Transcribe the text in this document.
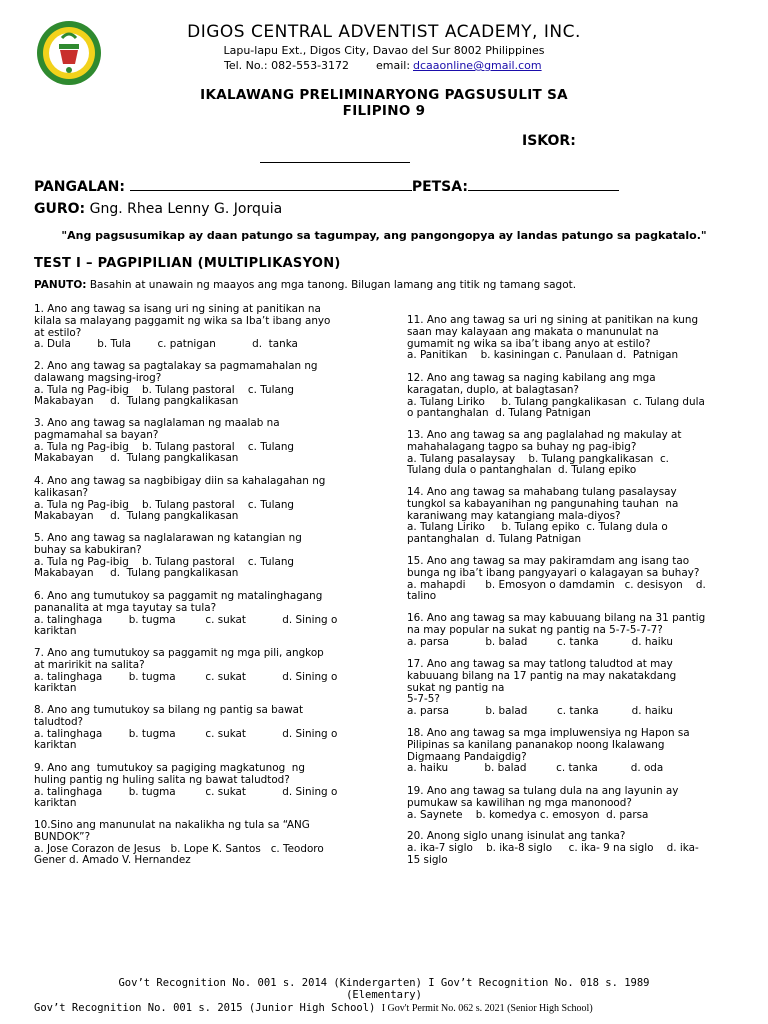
DIGOS CENTRAL ADVENTIST ACADEMY, INC.
Lapu-lapu Ext., Digos City, Davao del Sur 8002 Philippines
Tel. No.: 082-553-3172 email: dcaaonline@gmail.com
IKALAWANG PRELIMINARYONG PAGSUSULIT SA
FILIPINO 9
ISKOR:
PANGALAN:	PETSA:
GURO: Gng. Rhea Lenny G. Jorquia
"Ang pagsusumikap ay daan patungo sa tagumpay, ang pangongopya ay landas patungo sa pagkatalo."
TEST I – PAGPIPILIAN (MULTIPLIKASYON)
PANUTO: Basahin at unawain ng maayos ang mga tanong. Bilugan lamang ang titik ng tamang sagot.
1. Ano ang tawag sa isang uri ng sining at panitikan na
kilala sa malayang paggamit ng wika sa Iba’t ibang anyo
at estilo?
a. Dula        b. Tula        c. patnigan           d.  tanka
2. Ano ang tawag sa pagtalakay sa pagmamahalan ng
dalawang magsing-irog?
a. Tula ng Pag-ibig    b. Tulang pastoral    c. Tulang
Makabayan     d.  Tulang pangkalikasan
3. Ano ang tawag sa naglalaman ng maalab na
pagmamahal sa bayan?
a. Tula ng Pag-ibig    b. Tulang pastoral    c. Tulang
Makabayan     d.  Tulang pangkalikasan
4. Ano ang tawag sa nagbibigay diin sa kahalagahan ng
kalikasan?
a. Tula ng Pag-ibig    b. Tulang pastoral    c. Tulang
Makabayan     d.  Tulang pangkalikasan
5. Ano ang tawag sa naglalarawan ng katangian ng
buhay sa kabukiran?
a. Tula ng Pag-ibig    b. Tulang pastoral    c. Tulang
Makabayan     d.  Tulang pangkalikasan
6. Ano ang tumutukoy sa paggamit ng matalinghagang
pananalita at mga tayutay sa tula?
a. talinghaga        b. tugma         c. sukat           d. Sining o
kariktan
7. Ano ang tumutukoy sa paggamit ng mga pili, angkop
at maririkit na salita?
a. talinghaga        b. tugma         c. sukat           d. Sining o
kariktan
8. Ano ang tumutukoy sa bilang ng pantig sa bawat
taludtod?
a. talinghaga        b. tugma         c. sukat           d. Sining o
kariktan
9. Ano ang  tumutukoy sa pagiging magkatunog  ng
huling pantig ng huling salita ng bawat taludtod?
a. talinghaga        b. tugma         c. sukat           d. Sining o
kariktan
10.Sino ang manunulat na nakalikha ng tula sa “ANG
BUNDOK”?
a. Jose Corazon de Jesus   b. Lope K. Santos   c. Teodoro
Gener d. Amado V. Hernandez
11. Ano ang tawag sa uri ng sining at panitikan na kung
saan may kalayaan ang makata o manunulat na
gumamit ng wika sa iba’t ibang anyo at estilo?
a. Panitikan    b. kasiningan c. Panulaan d.  Patnigan
12. Ano ang tawag sa naging kabilang ang mga
karagatan, duplo, at balagtasan?
a. Tulang Liriko     b. Tulang pangkalikasan  c. Tulang dula
o pantanghalan  d. Tulang Patnigan
13. Ano ang tawag sa ang paglalahad ng makulay at
mahahalagang tagpo sa buhay ng pag-ibig?
a. Tulang pasalaysay    b. Tulang pangkalikasan  c.
Tulang dula o pantanghalan  d. Tulang epiko
14. Ano ang tawag sa mahabang tulang pasalaysay
tungkol sa kabayanihan ng pangunahing tauhan  na
karaniwang may katangiang mala-diyos?
a. Tulang Liriko     b. Tulang epiko  c. Tulang dula o
pantanghalan  d. Tulang Patnigan
15. Ano ang tawag sa may pakiramdam ang isang tao
bunga ng iba’t ibang pangyayari o kalagayan sa buhay?
a. mahapdi      b. Emosyon o damdamin   c. desisyon    d.
talino
16. Ano ang tawag sa may kabuuang bilang na 31 pantig
na may popular na sukat ng pantig na 5-7-5-7-7?
a. parsa           b. balad         c. tanka          d. haiku
17. Ano ang tawag sa may tatlong taludtod at may
kabuuang bilang na 17 pantig na may nakatakdang
sukat ng pantig na
5-7-5?
a. parsa           b. balad         c. tanka          d. haiku
18. Ano ang tawag sa mga impluwensiya ng Hapon sa
Pilipinas sa kanilang pananakop noong Ikalawang
Digmaang Pandaigdig?
a. haiku           b. balad         c. tanka          d. oda
19. Ano ang tawag sa tulang dula na ang layunin ay
pumukaw sa kawilihan ng mga manonood?
a. Saynete    b. komedya c. emosyon  d. parsa
20. Anong siglo unang isinulat ang tanka?
a. ika-7 siglo    b. ika-8 siglo     c. ika- 9 na siglo    d. ika-
15 siglo
Gov’t Recognition No. 001 s. 2014 (Kindergarten) I Gov’t Recognition No. 018 s. 1989
(Elementary)
Gov’t Recognition No. 001 s. 2015 (Junior High School) I Gov't Permit No. 062 s. 2021 (Senior High School)
